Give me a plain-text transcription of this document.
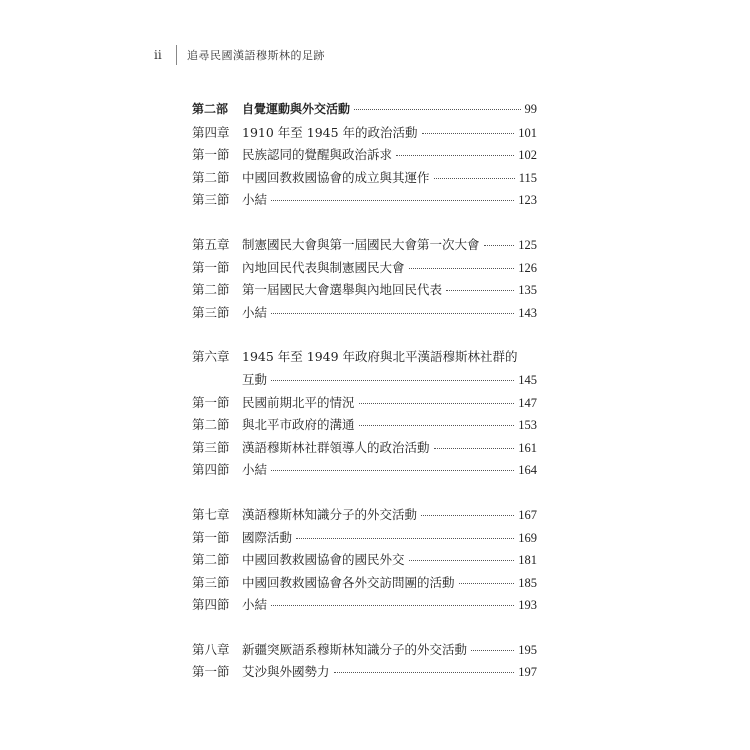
ii	追尋民國漢語穆斯林的足跡
第二部	自覺運動與外交活動	99
第四章 1910 年至 1945 年的政治活動	101
第一節 民族認同的覺醒與政治訴求	102
第二節 中國回教救國協會的成立與其運作	115
第三節 小結	123
第五章 制憲國民大會與第一屆國民大會第一次大會	125
第一節 內地回民代表與制憲國民大會	126
第二節 第一屆國民大會選舉與內地回民代表	135
第三節 小結	143
第六章 1945 年至 1949 年政府與北平漢語穆斯林社群的
互動	145
第一節 民國前期北平的情況	147
第二節 與北平市政府的溝通	153
第三節 漢語穆斯林社群領導人的政治活動	161
第四節 小結	164
第七章 漢語穆斯林知識分子的外交活動	167
第一節 國際活動	169
第二節 中國回教救國協會的國民外交	181
第三節 中國回教救國協會各外交訪問團的活動	185
第四節 小結	193
第八章 新疆突厥語系穆斯林知識分子的外交活動	195
第一節 艾沙與外國勢力	197
